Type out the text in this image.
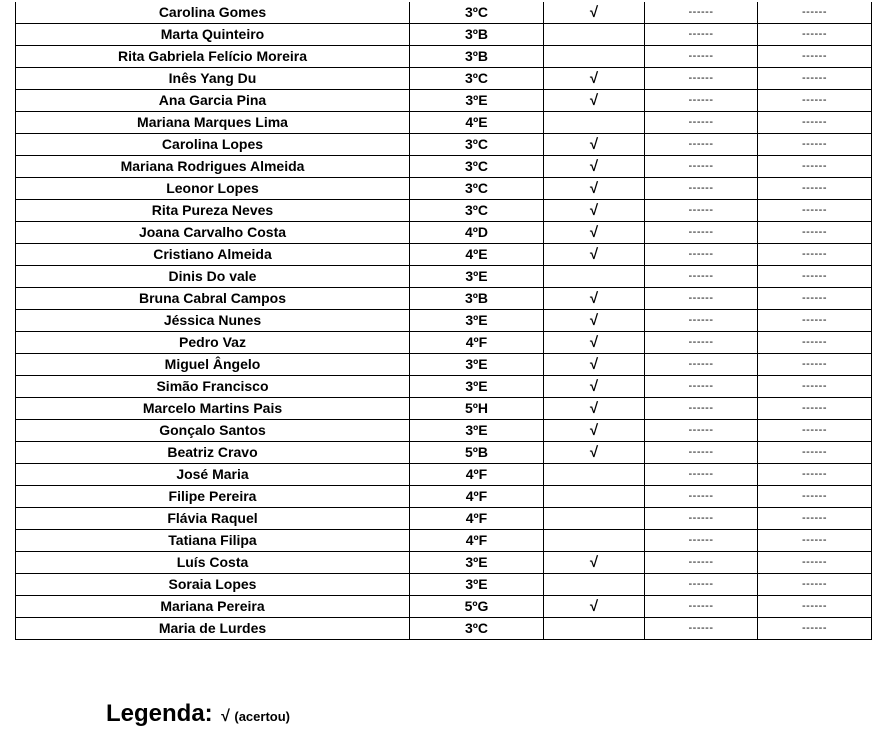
Carolina Gomes	3ºC	√	------	------
Marta Quinteiro	3ºB		------	------
Rita Gabriela Felício Moreira	3ºB		------	------
Inês Yang Du	3ºC	√	------	------
Ana Garcia Pina	3ºE	√	------	------
Mariana Marques Lima	4ºE		------	------
Carolina Lopes	3ºC	√	------	------
Mariana Rodrigues Almeida	3ºC	√	------	------
Leonor Lopes	3ºC	√	------	------
Rita Pureza Neves	3ºC	√	------	------
Joana Carvalho Costa	4ºD	√	------	------
Cristiano Almeida	4ºE	√	------	------
Dinis Do vale	3ºE		------	------
Bruna Cabral Campos	3ºB	√	------	------
Jéssica Nunes	3ºE	√	------	------
Pedro Vaz	4ºF	√	------	------
Miguel Ângelo	3ºE	√	------	------
Simão Francisco	3ºE	√	------	------
Marcelo Martins Pais	5ºH	√	------	------
Gonçalo Santos	3ºE	√	------	------
Beatriz Cravo	5ºB	√	------	------
José Maria	4ºF		------	------
Filipe Pereira	4ºF		------	------
Flávia Raquel	4ºF		------	------
Tatiana Filipa	4ºF		------	------
Luís Costa	3ºE	√	------	------
Soraia Lopes	3ºE		------	------
Mariana Pereira	5ºG	√	------	------
Maria de Lurdes	3ºC		------	------
Legenda: √ (acertou)
